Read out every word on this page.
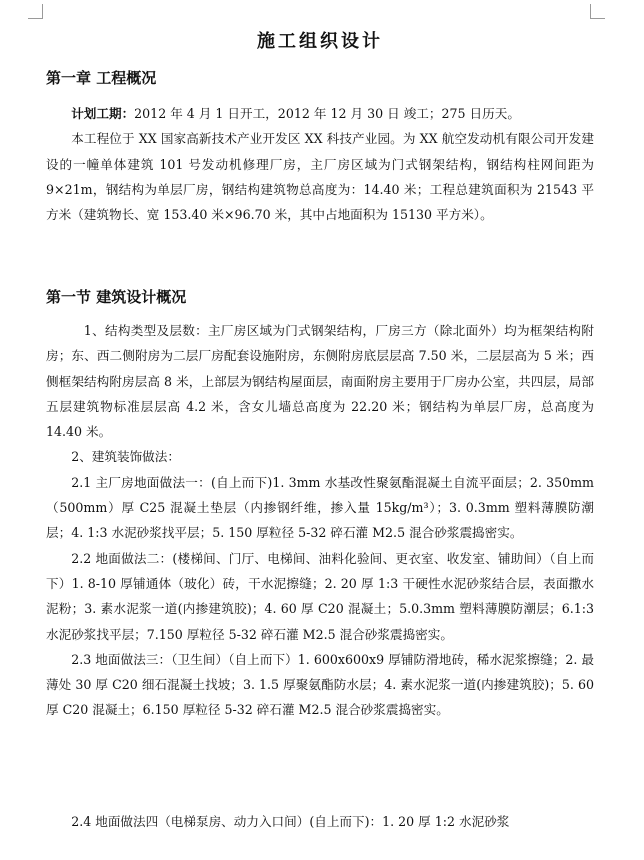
施工组织设计
第一章 工程概况

计划工期：2012 年 4 月 1 日开工，2012 年 12 月 30 日 竣工；275 日历天。

本工程位于 XX 国家高新技术产业开发区 XX 科技产业园。为 XX 航空发动机有限公司开发建设的一幢单体建筑 101 号发动机修理厂房，主厂房区域为门式钢架结构，钢结构柱网间距为 9×21m，钢结构为单层厂房，钢结构建筑物总高度为：14.40 米；工程总建筑面积为 21543 平方米（建筑物长、宽 153.40 米×96.70 米，其中占地面积为 15130 平方米）。

第一节 建筑设计概况

1、结构类型及层数：主厂房区域为门式钢架结构，厂房三方（除北面外）均为框架结构附房；东、西二侧附房为二层厂房配套设施附房，东侧附房底层层高 7.50 米，二层层高为 5 米；西侧框架结构附房层高 8 米，上部层为钢结构屋面层，南面附房主要用于厂房办公室，共四层，局部五层建筑物标准层层高 4.2 米，含女儿墙总高度为 22.20 米；钢结构为单层厂房，总高度为 14.40 米。

2、建筑装饰做法：

2.1 主厂房地面做法一：(自上而下)1. 3mm 水基改性聚氨酯混凝土自流平面层；2. 350mm（500mm）厚 C25 混凝土垫层（内掺钢纤维，掺入量 15kg/m³）；3. 0.3mm 塑料薄膜防潮层；4. 1:3 水泥砂浆找平层；5. 150 厚粒径 5-32 碎石灌 M2.5 混合砂浆震捣密实。

2.2 地面做法二：(楼梯间、门厅、电梯间、油料化验间、更衣室、收发室、铺助间）（自上而下）1. 8-10 厚铺通体（玻化）砖，干水泥擦缝；2. 20 厚 1:3 干硬性水泥砂浆结合层，表面撒水泥粉；3. 素水泥浆一道(内掺建筑胶)；4. 60 厚 C20 混凝土；5.0.3mm 塑料薄膜防潮层；6.1:3 水泥砂浆找平层；7.150 厚粒径 5-32 碎石灌 M2.5 混合砂浆震捣密实。

2.3 地面做法三：（卫生间）（自上而下）1. 600x600x9 厚铺防滑地砖，稀水泥浆擦缝；2. 最薄处 30 厚 C20 细石混凝土找坡；3. 1.5 厚聚氨酯防水层；4. 素水泥浆一道(内掺建筑胶)；5. 60 厚 C20 混凝土；6.150 厚粒径 5-32 碎石灌 M2.5 混合砂浆震捣密实。

2.4 地面做法四（电梯泵房、动力入口间）(自上而下)：1. 20 厚 1:2 水泥砂浆
